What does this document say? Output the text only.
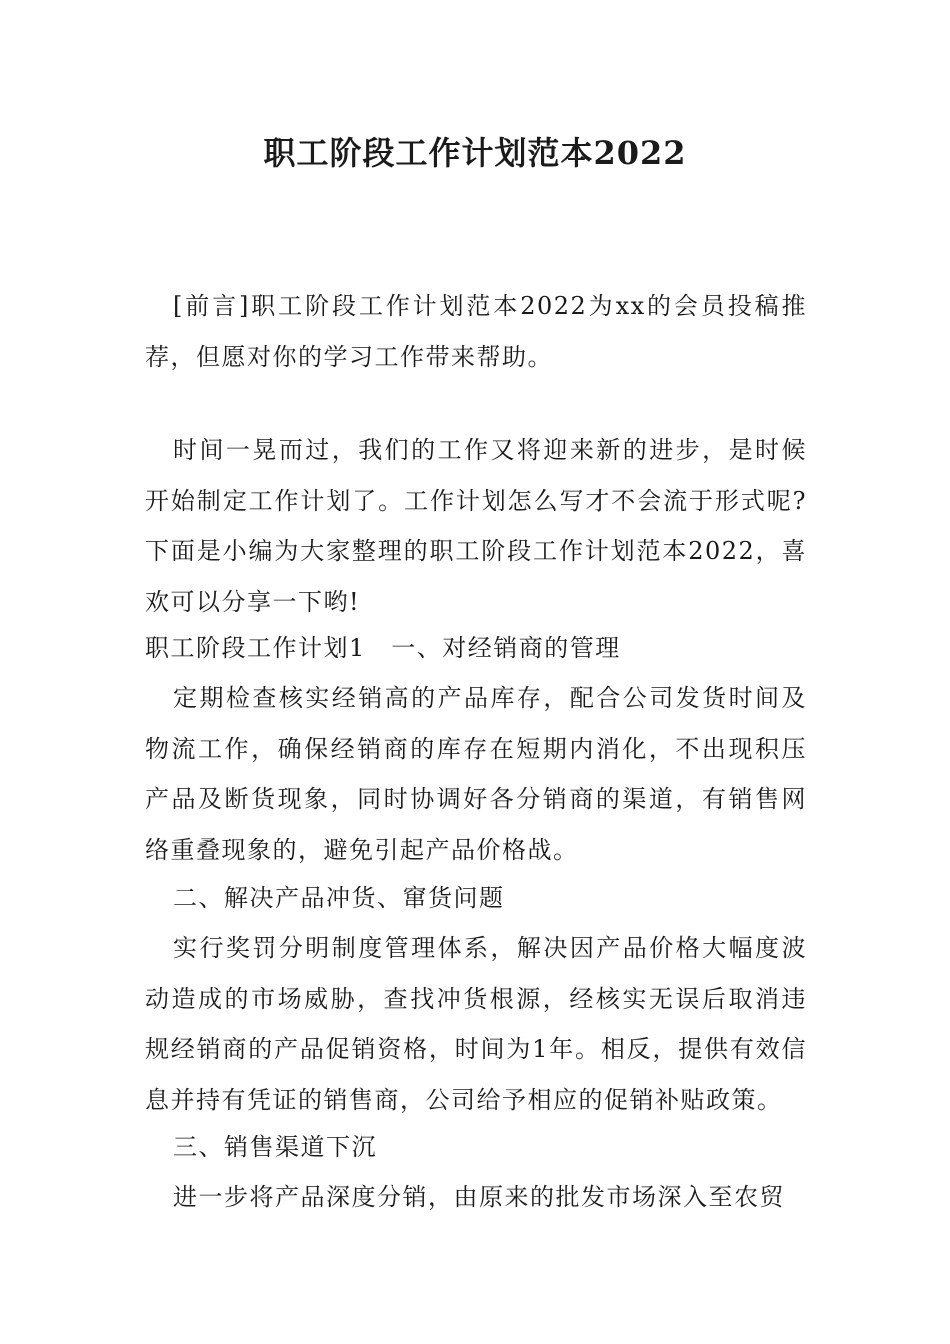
职工阶段工作计划范本2022

[前言]职工阶段工作计划范本2022为xx的会员投稿推荐，但愿对你的学习工作带来帮助。

时间一晃而过，我们的工作又将迎来新的进步，是时候开始制定工作计划了。工作计划怎么写才不会流于形式呢?下面是小编为大家整理的职工阶段工作计划范本2022，喜欢可以分享一下哟!

职工阶段工作计划1　一、对经销商的管理

定期检查核实经销高的产品库存，配合公司发货时间及物流工作，确保经销商的库存在短期内消化，不出现积压产品及断货现象，同时协调好各分销商的渠道，有销售网络重叠现象的，避免引起产品价格战。

二、解决产品冲货、窜货问题

实行奖罚分明制度管理体系，解决因产品价格大幅度波动造成的市场威胁，查找冲货根源，经核实无误后取消违规经销商的产品促销资格，时间为1年。相反，提供有效信息并持有凭证的销售商，公司给予相应的促销补贴政策。

三、销售渠道下沉

进一步将产品深度分销，由原来的批发市场深入至农贸
